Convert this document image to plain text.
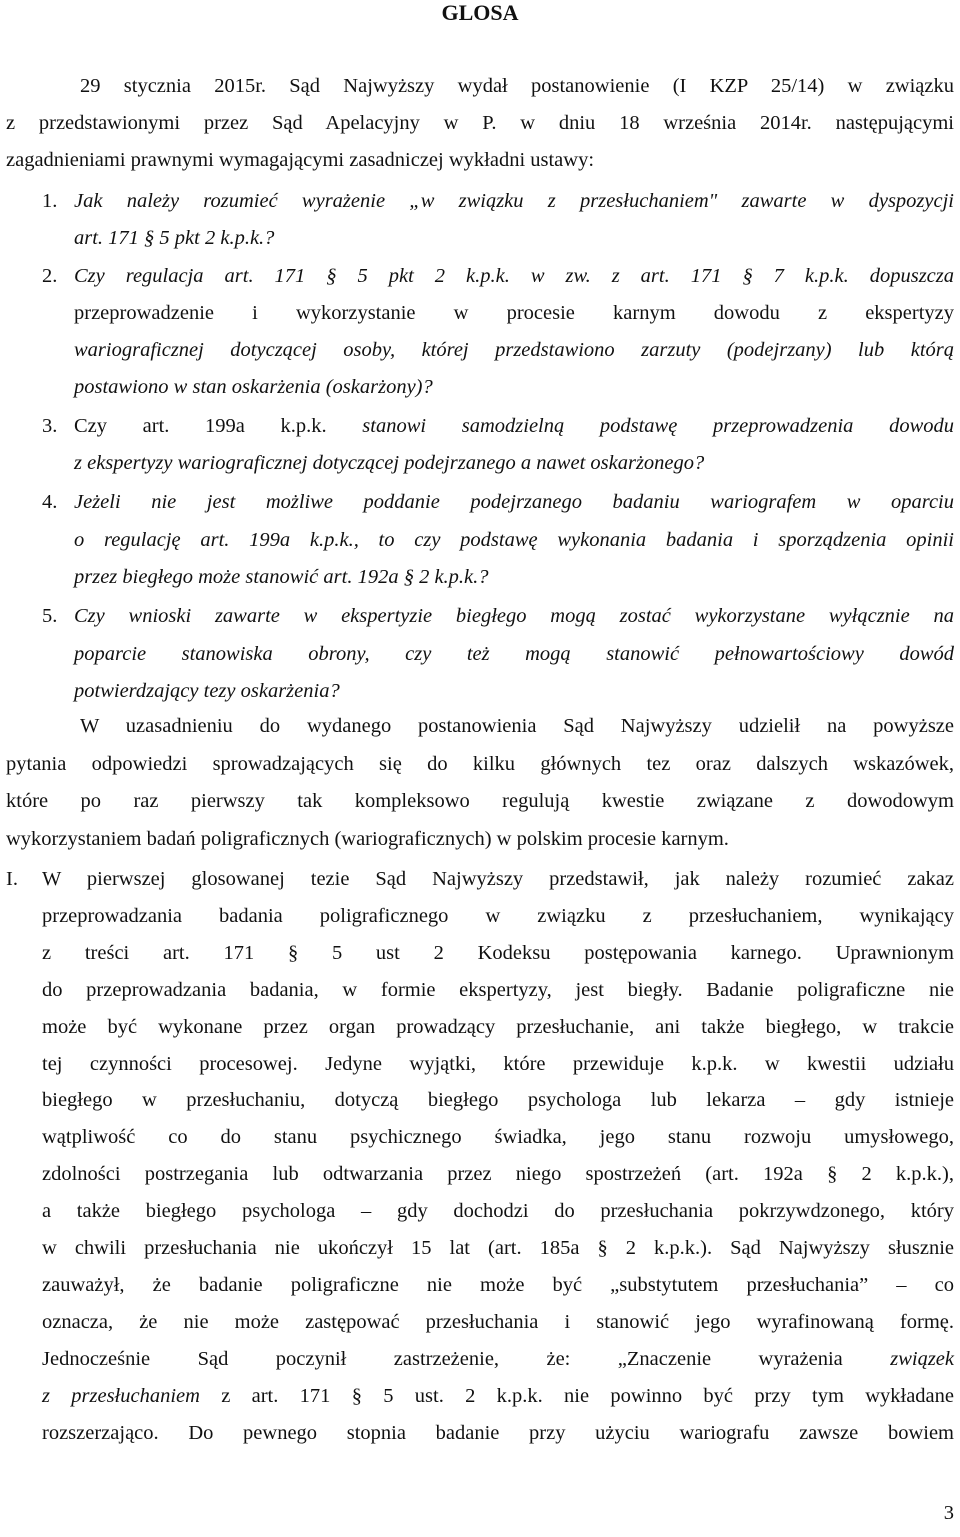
GLOSA
29 stycznia 2015r. Sąd Najwyższy wydał postanowienie (I KZP 25/14) w związku
z przedstawionymi przez Sąd Apelacyjny w P. w dniu 18 września 2014r. następującymi
zagadnieniami prawnymi wymagającymi zasadniczej wykładni ustawy:
1. Jak należy rozumieć wyrażenie „w związku z przesłuchaniem" zawarte w dyspozycji
art. 171 § 5 pkt 2 k.p.k.?
2. Czy regulacja art. 171 § 5 pkt 2 k.p.k. w zw. z art. 171 § 7 k.p.k. dopuszcza
przeprowadzenie i wykorzystanie w procesie karnym dowodu z ekspertyzy
wariograficznej dotyczącej osoby, której przedstawiono zarzuty (podejrzany) lub którą
postawiono w stan oskarżenia (oskarżony)?
3. Czy art. 199a k.p.k. stanowi samodzielną podstawę przeprowadzenia dowodu
z ekspertyzy wariograficznej dotyczącej podejrzanego a nawet oskarżonego?
4. Jeżeli nie jest możliwe poddanie podejrzanego badaniu wariografem w oparciu
o regulację art. 199a k.p.k., to czy podstawę wykonania badania i sporządzenia opinii
przez biegłego może stanowić art. 192a § 2 k.p.k.?
5. Czy wnioski zawarte w ekspertyzie biegłego mogą zostać wykorzystane wyłącznie na
poparcie stanowiska obrony, czy też mogą stanowić pełnowartościowy dowód
potwierdzający tezy oskarżenia?
W uzasadnieniu do wydanego postanowienia Sąd Najwyższy udzielił na powyższe
pytania odpowiedzi sprowadzających się do kilku głównych tez oraz dalszych wskazówek,
które po raz pierwszy tak kompleksowo regulują kwestie związane z dowodowym
wykorzystaniem badań poligraficznych (wariograficznych) w polskim procesie karnym.
I. W pierwszej glosowanej tezie Sąd Najwyższy przedstawił, jak należy rozumieć zakaz
przeprowadzania badania poligraficznego w związku z przesłuchaniem, wynikający
z treści art. 171 § 5 ust 2 Kodeksu postępowania karnego. Uprawnionym
do przeprowadzania badania, w formie ekspertyzy, jest biegły. Badanie poligraficzne nie
może być wykonane przez organ prowadzący przesłuchanie, ani także biegłego, w trakcie
tej czynności procesowej. Jedyne wyjątki, które przewiduje k.p.k. w kwestii udziału
biegłego w przesłuchaniu, dotyczą biegłego psychologa lub lekarza – gdy istnieje
wątpliwość co do stanu psychicznego świadka, jego stanu rozwoju umysłowego,
zdolności postrzegania lub odtwarzania przez niego spostrzeżeń (art. 192a § 2 k.p.k.),
a także biegłego psychologa – gdy dochodzi do przesłuchania pokrzywdzonego, który
w chwili przesłuchania nie ukończył 15 lat (art. 185a § 2 k.p.k.). Sąd Najwyższy słusznie
zauważył, że badanie poligraficzne nie może być „substytutem przesłuchania” – co
oznacza, że nie może zastępować przesłuchania i stanowić jego wyrafinowaną formę.
Jednocześnie Sąd poczynił zastrzeżenie, że: „Znaczenie wyrażenia związek
z przesłuchaniem z art. 171 § 5 ust. 2 k.p.k. nie powinno być przy tym wykładane
rozszerzająco. Do pewnego stopnia badanie przy użyciu wariografu zawsze bowiem
3
